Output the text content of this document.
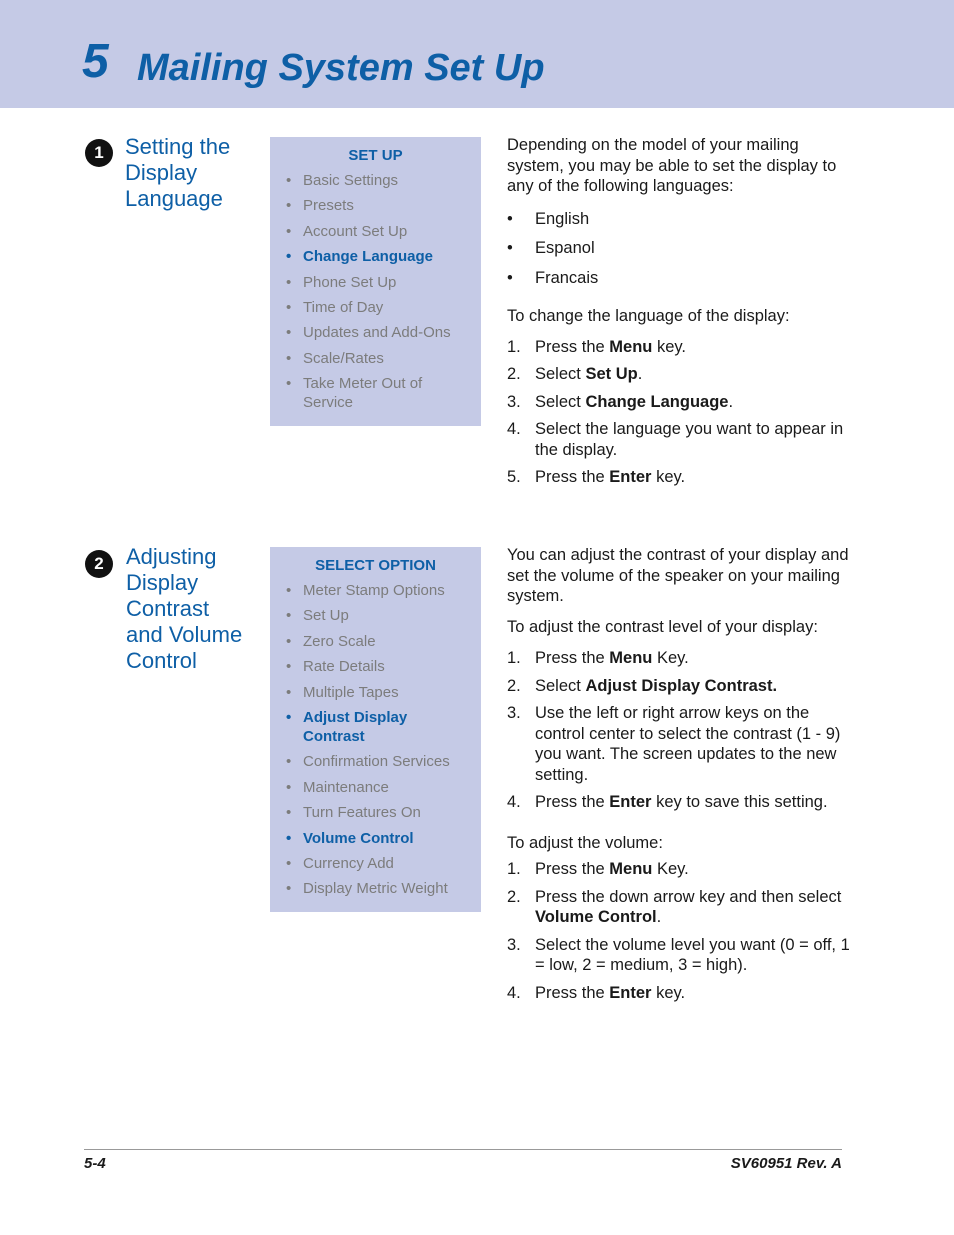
5 Mailing System Set Up
1 Setting the
Display
Language
SET UP
• Basic Settings
• Presets
• Account Set Up
• Change Language
• Phone Set Up
• Time of Day
• Updates and Add-Ons
• Scale/Rates
• Take Meter Out of Service

Depending on the model of your mailing system, you may be able to set the display to any of the following languages:

• English
• Espanol
• Francais

To change the language of the display:

1. Press the Menu key.
2. Select Set Up.
3. Select Change Language.
4. Select the language you want to appear in the display.
5. Press the Enter key.
2	Adjusting
Display
Contrast
and Volume
Control
SELECT OPTION
• Meter Stamp Options
• Set Up
• Zero Scale
• Rate Details
• Multiple Tapes
• Adjust Display Contrast
• Confirmation Services
• Maintenance
• Turn Features On
• Volume Control
• Currency Add
• Display Metric Weight

You can adjust the contrast of your display and set the volume of the speaker on your mailing system.

To adjust the contrast level of your display:

1. Press the Menu Key.
2. Select Adjust Display Contrast.
3. Use the left or right arrow keys on the control center to select the contrast (1 - 9) you want. The screen updates to the new setting.
4. Press the Enter key to save this setting.

To adjust the volume:

1. Press the Menu Key.
2. Press the down arrow key and then select Volume Control.
3. Select the volume level you want (0 = off, 1 = low, 2 = medium, 3 = high).
4. Press the Enter key.
5-4	SV60951 Rev. A
